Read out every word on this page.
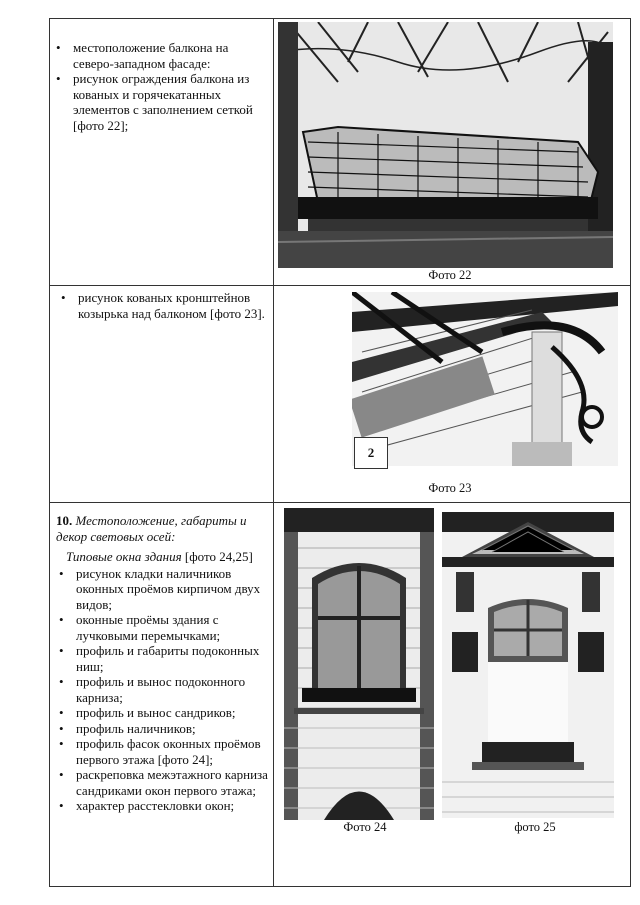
• местоположение балкона на северо-западном фасаде:
• рисунок ограждения балкона из кованых и горячекатанных элементов с заполнением сеткой [фото 22];
Фото 22
• рисунок кованых кронштейнов козырька над балконом [фото 23].
2
Фото 23
10. Местоположение, габариты и декор световых осей:
Типовые окна здания [фото 24,25]
• рисунок кладки наличников оконных проёмов кирпичом двух видов;
• оконные проёмы здания с лучковыми перемычками;
• профиль и габариты подоконных ниш;
• профиль и вынос подоконного карниза;
• профиль и вынос сандриков;
• профиль наличников;
• профиль фасок оконных проёмов первого этажа [фото 24];
• раскреповка межэтажного карниза сандриками окон первого этажа;
• характер расстекловки окон;
Фото 24	фото 25
